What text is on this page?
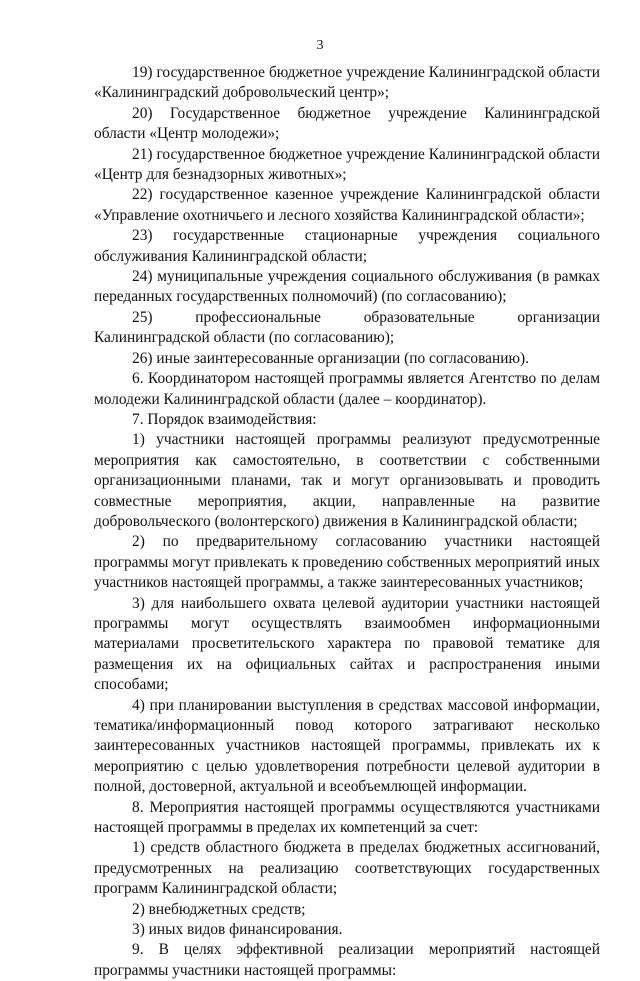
3

19) государственное бюджетное учреждение Калининградской области «Калининградский добровольческий центр»;

20) Государственное бюджетное учреждение Калининградской области «Центр молодежи»;

21) государственное бюджетное учреждение Калининградской области «Центр для безнадзорных животных»;

22) государственное казенное учреждение Калининградской области «Управление охотничьего и лесного хозяйства Калининградской области»;

23) государственные стационарные учреждения социального обслуживания Калининградской области;

24) муниципальные учреждения социального обслуживания (в рамках переданных государственных полномочий) (по согласованию);

25) профессиональные образовательные организации Калининградской области (по согласованию);

26) иные заинтересованные организации (по согласованию).

6. Координатором настоящей программы является Агентство по делам молодежи Калининградской области (далее – координатор).

7. Порядок взаимодействия:

1) участники настоящей программы реализуют предусмотренные мероприятия как самостоятельно, в соответствии с собственными организационными планами, так и могут организовывать и проводить совместные мероприятия, акции, направленные на развитие добровольческого (волонтерского) движения в Калининградской области;

2) по предварительному согласованию участники настоящей программы могут привлекать к проведению собственных мероприятий иных участников настоящей программы, а также заинтересованных участников;

3) для наибольшего охвата целевой аудитории участники настоящей программы могут осуществлять взаимообмен информационными материалами просветительского характера по правовой тематике для размещения их на официальных сайтах и распространения иными способами;

4) при планировании выступления в средствах массовой информации, тематика/информационный повод которого затрагивают несколько заинтересованных участников настоящей программы, привлекать их к мероприятию с целью удовлетворения потребности целевой аудитории в полной, достоверной, актуальной и всеобъемлющей информации.

8. Мероприятия настоящей программы осуществляются участниками настоящей программы в пределах их компетенций за счет:

1) средств областного бюджета в пределах бюджетных ассигнований, предусмотренных на реализацию соответствующих государственных программ Калининградской области;

2) внебюджетных средств;

3) иных видов финансирования.

9. В целях эффективной реализации мероприятий настоящей программы участники настоящей программы:
